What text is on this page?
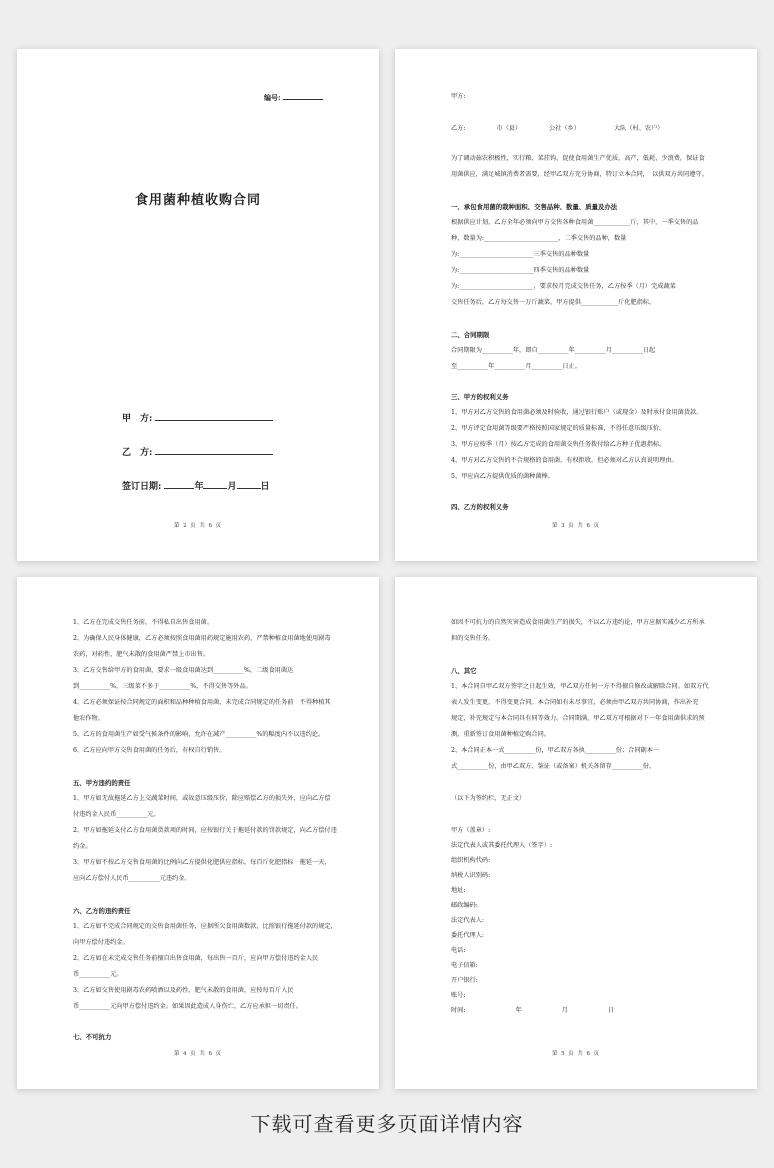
编号:
食用菌种植收购合同
甲　方:
乙　方:
签订日期:	年	月	日
第 2 页 共 6 页
甲方:
乙方:　　　　　市（县）　　　　　公社（乡）　　　　　　大队（村、农户）
为了调动菇农积极性，实行粮、菜挂钩，促使食用菌生产优质、高产，低耗、少浪费，保证食
用菌供应，满足城镇消费者需要，经甲乙双方充分协商，特订立本合同，　以供双方共同遵守。
一、承包食用菌的栽种面积、交售品种、数量、质量及办法
根据供应计划，乙方全年必须向甲方交售各种食用菌____________斤，其中，一季交售的品
种，数量为:________________________，二季交售的品种，数量
为:________________________三季交售的品种数量
为:________________________四季交售的品种数量
为:________________________，要求按月完成交售任务，乙方按季（月）完成蔬菜
交售任务后，乙方每交售一万斤蔬菜，甲方提供____________斤化肥指标。
二、合同期限
合同期限为__________年，即自__________年__________月__________日起
至__________年__________月__________日止。
三、甲方的权利义务
1、甲方对乙方交售的食用菌必须及时验收，通过银行账户（或现金）及时承付食用菌货款。
2、甲方评定食用菌等级要严格按照国家规定的质量标准，不得任意压级压价。
3、甲方应按季（月）按乙方完成的食用菌交售任务拨付给乙方种子优惠指标。
4、甲方对乙方交售的不合规格的食用菌，有权拒收，但必须对乙方认真说明理由。
5、甲应向乙方提供优质的菌种菌棒。
四、乙方的权利义务
第 3 页 共 6 页
1、乙方在完成交售任务前，不得私自出售食用菌。
2、为确保人民身体健康，乙方必须按照食用菌用药规定施用农药，严禁种植食用菌地使用剧毒
农药，对药性、肥气未散的食用菌严禁上市出售。
3、乙方交售给甲方的食用菌，要求一级食用菌达到__________%，二级食用菌达
到__________%，三级菜不多于__________%，不得交售等外品。
4、乙方必须保证按合同规定的面积和品种种植食用菌，未完成合同规定的任务前　不得种植其
他农作物。
5、乙方的食用菌生产如受气候条件的影响，允许在减产__________%的幅度内不以违约论。
6、乙方应向甲方交售食用菌的任务后，有权自行销售。
五、甲方违约的责任
1、甲方如无故拖延乙方上交蔬菜时间，或故意压级压价，除应赔偿乙方的损失外，应向乙方偿
付违约金人民币__________元。
2、甲方如拖延支付乙方食用菌货款项的时间，应按银行关于拖延付款的罚款规定，向乙方偿付违
约金。
3、甲方如不按乙方交售食用菌的比例向乙方提供化肥供应指标，每百斤化肥指标　拖延一天，
应向乙方偿付人民币__________元违约金。
六、乙方的违约责任
1、乙方如不完成合同规定的交售食用菌任务，应据所欠食用菌数款，比照银行拖延付款的规定，
向甲方偿付违约金。
2、乙方如在未完成交售任务前擅自出售食用菌，每出售一百斤，应向甲方偿付违约金人民
币__________元。
3、乙方如交售使用剧毒农药喷洒以及药性、肥气未散的食用菌，应按每百斤人民
币__________元向甲方偿付违约金。如果因此造成人身伤亡，乙方应承担一切责任。
七、不可抗力
第 4 页 共 6 页
如因不可抗力的自然灾害造成食用菌生产的损失，不以乙方违约论，甲方应据实减少乙方所承
担的交售任务。
八、其它
1、本合同自甲乙双方签字之日起生效，甲乙双方任何一方不得擅自修改或解除合同。如双方代
表人发生变更，不得变更合同。本合同如有未尽事宜，必须由甲乙双方共同协商，作出补充
规定，补充规定与本合同具有同等效力。合同期满，甲乙双方可根据对下一年食用菌供求的预
测，重新签订食用菌种植定购合同。
2、本合同正本一式__________份，甲乙双方各执__________份；合同副本一
式__________份，由甲乙双方、鉴证（或备案）机关各留存__________份。
（以下为签约栏，无正文）
甲方（盖章）:
法定代表人或其委托代理人（签字）:
组织机构代码:
纳税人识别码:
地址:
邮政编码:
法定代表人:
委托代理人:
电话:
电子信箱:
开户银行:
账号:
时间:	年	月	日
第 5 页 共 6 页
下载可查看更多页面详情内容
